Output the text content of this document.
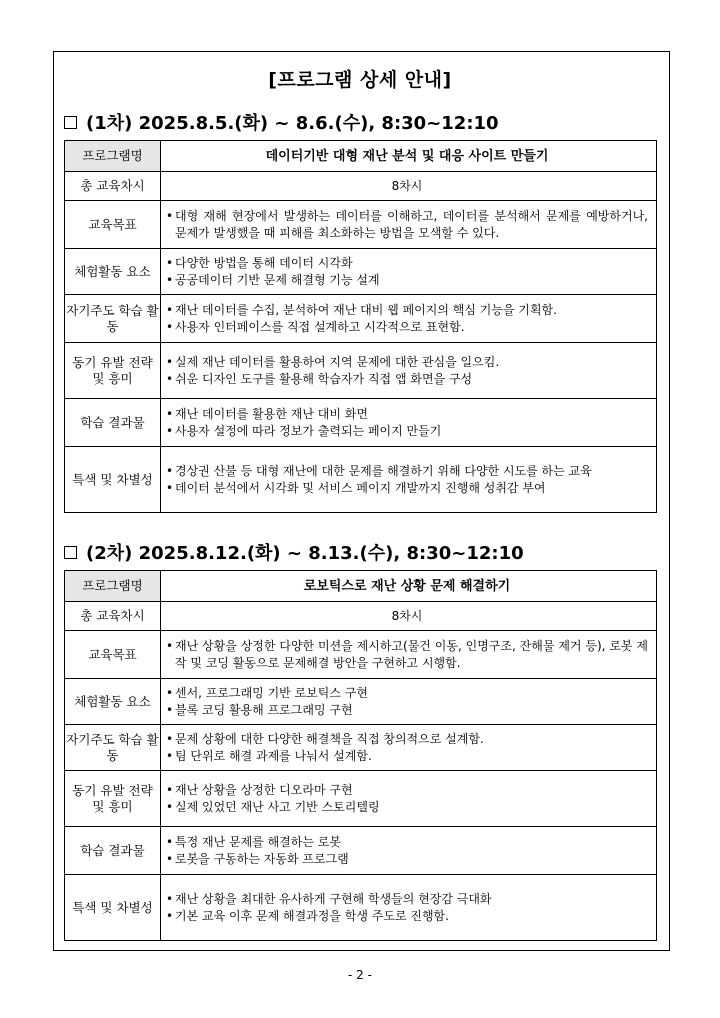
[프로그램 상세 안내]
(1차) 2025.8.5.(화) ~ 8.6.(수), 8:30~12:10
프로그램명	데이터기반 대형 재난 분석 및 대응 사이트 만들기
총 교육차시	8차시
교육목표	• 대형 재해 현장에서 발생하는 데이터를 이해하고, 데이터를 분석해서 문제를 예방하거나, 문제가 발생했을 때 피해를 최소화하는 방법을 모색할 수 있다.

체험활동 요소	• 다양한 방법을 통해 데이터 시각화
• 공공데이터 기반 문제 해결형 기능 설계

자기주도 학습 활동	• 재난 데이터를 수집, 분석하여 재난 대비 웹 페이지의 핵심 기능을 기획함.
• 사용자 인터페이스를 직접 설계하고 시각적으로 표현함.

동기 유발 전략 및 흥미	• 실제 재난 데이터를 활용하여 지역 문제에 대한 관심을 일으킴.
• 쉬운 디자인 도구를 활용해 학습자가 직접 앱 화면을 구성

학습 결과물	• 재난 데이터를 활용한 재난 대비 화면
• 사용자 설정에 따라 정보가 출력되는 페이지 만들기

특색 및 차별성	• 경상권 산불 등 대형 재난에 대한 문제를 해결하기 위해 다양한 시도를 하는 교육
• 데이터 분석에서 시각화 및 서비스 페이지 개발까지 진행해 성취감 부여
(2차) 2025.8.12.(화) ~ 8.13.(수), 8:30~12:10
프로그램명	로보틱스로 재난 상황 문제 해결하기
총 교육차시	8차시
교육목표	• 재난 상황을 상정한 다양한 미션을 제시하고(물건 이동, 인명구조, 잔해물 제거 등), 로봇 제작 및 코딩 활동으로 문제해결 방안을 구현하고 시행함.

체험활동 요소	• 센서, 프로그래밍 기반 로보틱스 구현
• 블록 코딩 활용해 프로그래밍 구현

자기주도 학습 활동	• 문제 상황에 대한 다양한 해결책을 직접 창의적으로 설계함.
• 팀 단위로 해결 과제를 나눠서 설계함.

동기 유발 전략 및 흥미	• 재난 상황을 상정한 디오라마 구현
• 실제 있었던 재난 사고 기반 스토리텔링

학습 결과물	• 특정 재난 문제를 해결하는 로봇
• 로봇을 구동하는 자동화 프로그램

특색 및 차별성	• 재난 상황을 최대한 유사하게 구현해 학생들의 현장감 극대화
• 기본 교육 이후 문제 해결과정을 학생 주도로 진행함.
- 2 -
